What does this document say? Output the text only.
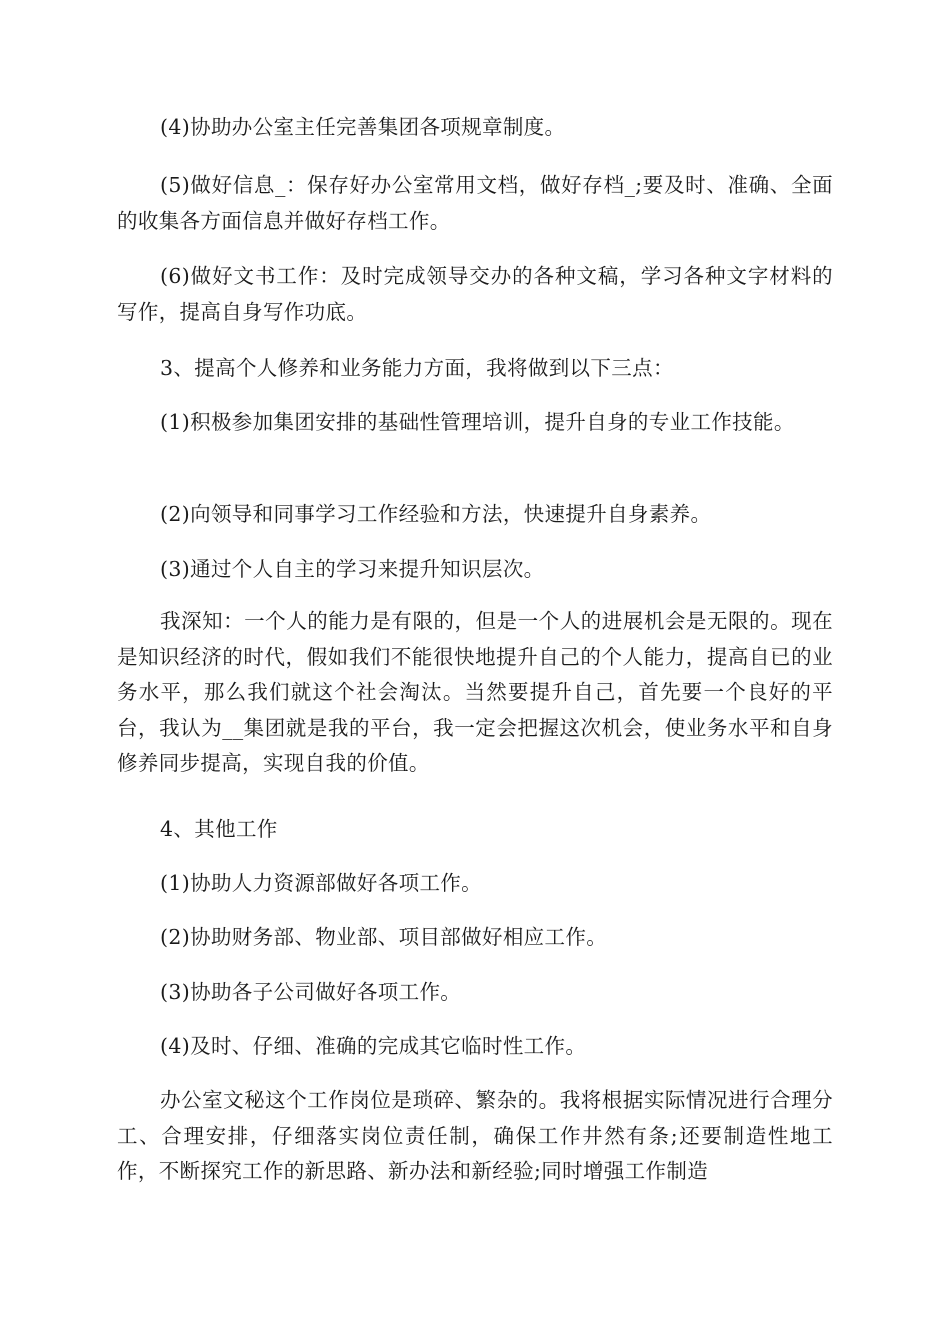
(4)协助办公室主任完善集团各项规章制度。

(5)做好信息_：保存好办公室常用文档，做好存档_;要及时、准确、全面的收集各方面信息并做好存档工作。

(6)做好文书工作：及时完成领导交办的各种文稿，学习各种文字材料的写作，提高自身写作功底。

3、提高个人修养和业务能力方面，我将做到以下三点：

(1)积极参加集团安排的基础性管理培训，提升自身的专业工作技能。

(2)向领导和同事学习工作经验和方法，快速提升自身素养。

(3)通过个人自主的学习来提升知识层次。

我深知：一个人的能力是有限的，但是一个人的进展机会是无限的。现在是知识经济的时代，假如我们不能很快地提升自己的个人能力，提高自已的业务水平，那么我们就这个社会淘汰。当然要提升自己，首先要一个良好的平台，我认为__集团就是我的平台，我一定会把握这次机会，使业务水平和自身修养同步提高，实现自我的价值。

4、其他工作

(1)协助人力资源部做好各项工作。

(2)协助财务部、物业部、项目部做好相应工作。

(3)协助各子公司做好各项工作。

(4)及时、仔细、准确的完成其它临时性工作。

办公室文秘这个工作岗位是琐碎、繁杂的。我将根据实际情况进行合理分工、合理安排，仔细落实岗位责任制，确保工作井然有条;还要制造性地工作，不断探究工作的新思路、新办法和新经验;同时增强工作制造
